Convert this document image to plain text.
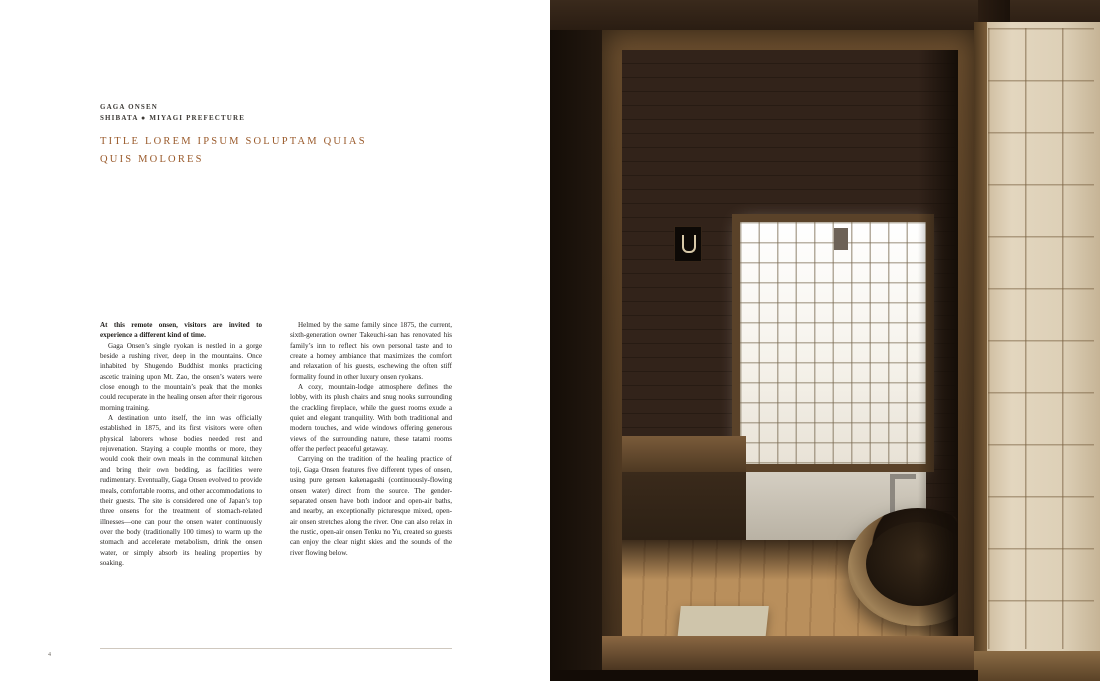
GAGA ONSEN
SHIBATA ● MIYAGI PREFECTURE
TITLE LOREM IPSUM SOLUPTAM QUIAS QUIS MOLORES

At this remote onsen, visitors are invited to experience a different kind of time.

Gaga Onsen’s single ryokan is nestled in a gorge beside a rushing river, deep in the mountains. Once inhabited by Shugendo Buddhist monks practicing ascetic training upon Mt. Zao, the onsen’s waters were close enough to the mountain’s peak that the monks could recuperate in the healing onsen after their rigorous morning training.

A destination unto itself, the inn was officially established in 1875, and its first visitors were often physical laborers whose bodies needed rest and rejuvenation. Staying a couple months or more, they would cook their own meals in the communal kitchen and bring their own bedding, as facilities were rudimentary. Eventually, Gaga Onsen evolved to provide meals, comfortable rooms, and other accommodations to their guests. The site is considered one of Japan’s top three onsens for the treatment of stomach-related illnesses—one can pour the onsen water continuously over the body (traditionally 100 times) to warm up the stomach and accelerate metabolism, drink the onsen water, or simply absorb its healing properties by soaking.

Helmed by the same family since 1875, the current, sixth-generation owner Takeuchi-san has renovated his family’s inn to reflect his own personal taste and to create a homey ambiance that maximizes the comfort and relaxation of his guests, eschewing the often stiff formality found in other luxury onsen ryokans.

A cozy, mountain-lodge atmosphere defines the lobby, with its plush chairs and snug nooks surrounding the crackling fireplace, while the guest rooms exude a quiet and elegant tranquility. With both traditional and modern touches, and wide windows offering generous views of the surrounding nature, these tatami rooms offer the perfect peaceful getaway.

Carrying on the tradition of the healing practice of toji, Gaga Onsen features five different types of onsen, using pure gensen kakenagashi (continuously-flowing onsen water) direct from the source. The gender-separated onsen have both indoor and open-air baths, and nearby, an exceptionally picturesque mixed, open-air onsen stretches along the river. One can also relax in the rustic, open-air onsen Tenku no Yu, created so guests can enjoy the clear night skies and the sounds of the river flowing below.

4
